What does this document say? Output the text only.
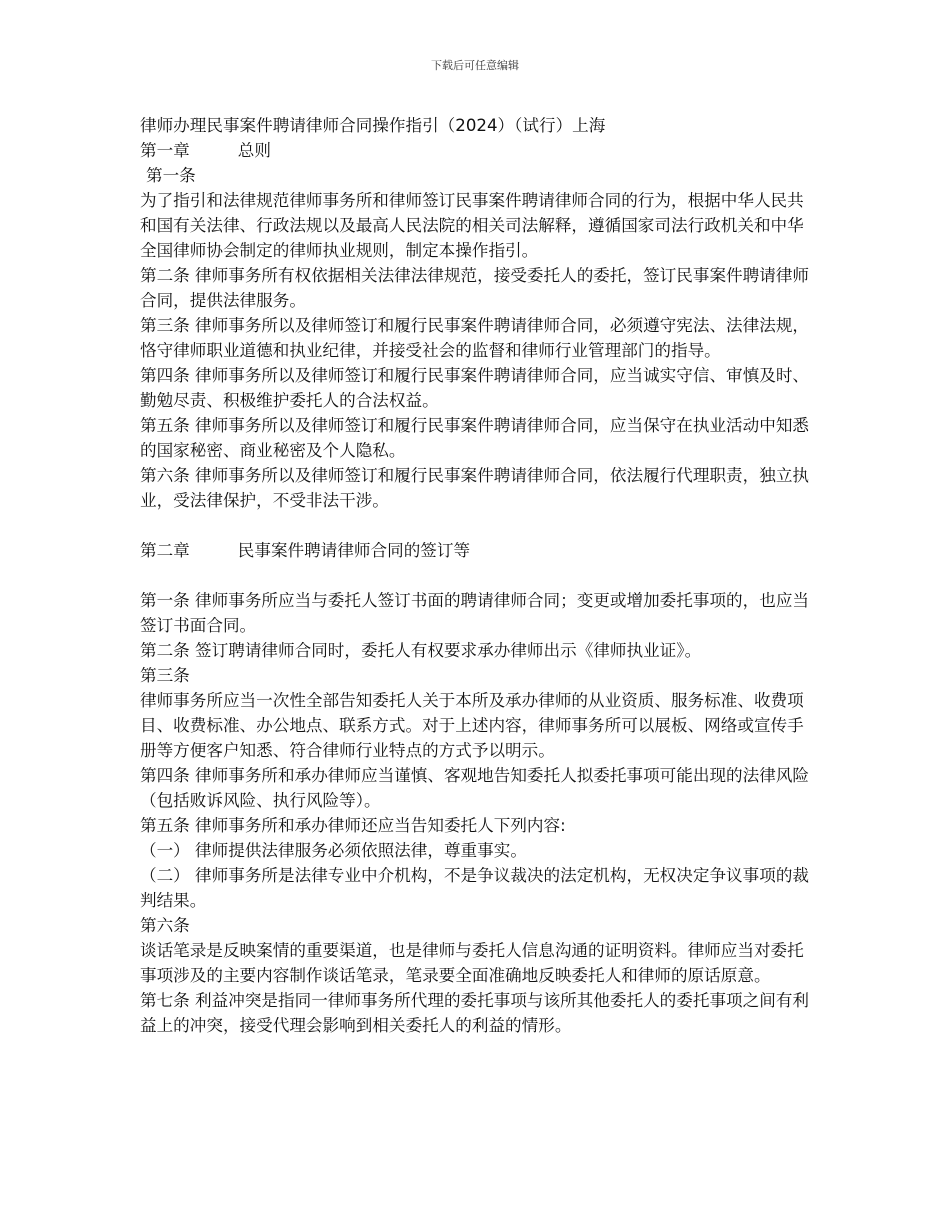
下载后可任意编辑

律师办理民事案件聘请律师合同操作指引（2024）（试行）上海

第一章	总则

第一条

为了指引和法律规范律师事务所和律师签订民事案件聘请律师合同的行为，根据中华人民共和国有关法律、行政法规以及最高人民法院的相关司法解释，遵循国家司法行政机关和中华全国律师协会制定的律师执业规则，制定本操作指引。

第二条 律师事务所有权依据相关法律法律规范，接受委托人的委托，签订民事案件聘请律师合同，提供法律服务。

第三条 律师事务所以及律师签订和履行民事案件聘请律师合同，必须遵守宪法、法律法规，恪守律师职业道德和执业纪律，并接受社会的监督和律师行业管理部门的指导。

第四条 律师事务所以及律师签订和履行民事案件聘请律师合同，应当诚实守信、审慎及时、勤勉尽责、积极维护委托人的合法权益。

第五条 律师事务所以及律师签订和履行民事案件聘请律师合同，应当保守在执业活动中知悉的国家秘密、商业秘密及个人隐私。

第六条 律师事务所以及律师签订和履行民事案件聘请律师合同，依法履行代理职责，独立执业，受法律保护，不受非法干涉。

第二章	民事案件聘请律师合同的签订等

第一条 律师事务所应当与委托人签订书面的聘请律师合同；变更或增加委托事项的，也应当签订书面合同。

第二条 签订聘请律师合同时，委托人有权要求承办律师出示《律师执业证》。

第三条

律师事务所应当一次性全部告知委托人关于本所及承办律师的从业资质、服务标准、收费项目、收费标准、办公地点、联系方式。对于上述内容，律师事务所可以展板、网络或宣传手册等方便客户知悉、符合律师行业特点的方式予以明示。

第四条 律师事务所和承办律师应当谨慎、客观地告知委托人拟委托事项可能出现的法律风险（包括败诉风险、执行风险等）。

第五条 律师事务所和承办律师还应当告知委托人下列内容:

（一） 律师提供法律服务必须依照法律，尊重事实。

（二） 律师事务所是法律专业中介机构，不是争议裁决的法定机构，无权决定争议事项的裁判结果。

第六条

谈话笔录是反映案情的重要渠道，也是律师与委托人信息沟通的证明资料。律师应当对委托事项涉及的主要内容制作谈话笔录，笔录要全面准确地反映委托人和律师的原话原意。

第七条 利益冲突是指同一律师事务所代理的委托事项与该所其他委托人的委托事项之间有利益上的冲突，接受代理会影响到相关委托人的利益的情形。
